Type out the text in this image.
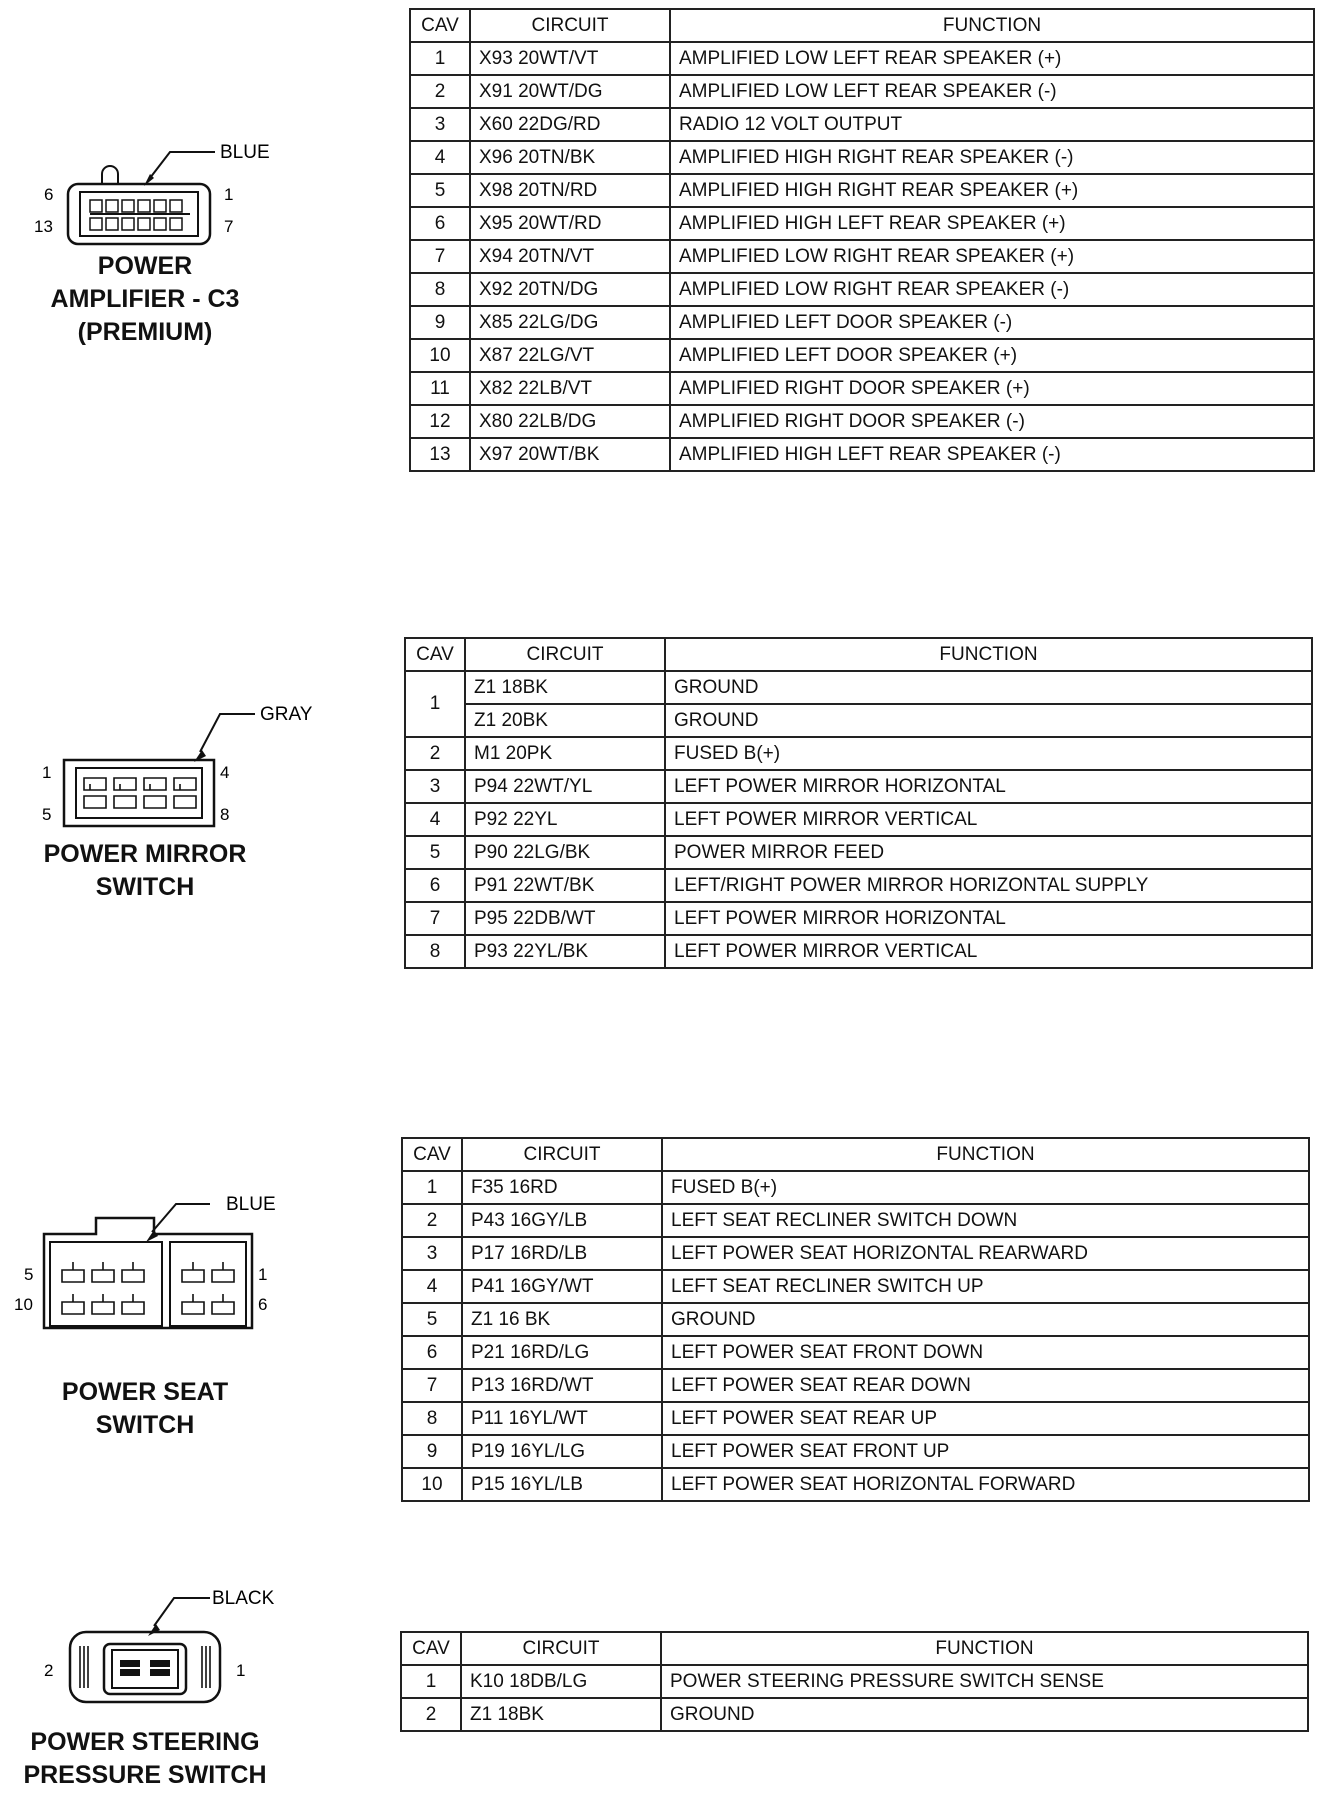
BLUE
6
13
1
7
POWER
AMPLIFIER - C3
(PREMIUM)
CAV	CIRCUIT	FUNCTION
1	X93 20WT/VT	AMPLIFIED LOW LEFT REAR SPEAKER (+)
2	X91 20WT/DG	AMPLIFIED LOW LEFT REAR SPEAKER (-)
3	X60 22DG/RD	RADIO 12 VOLT OUTPUT
4	X96 20TN/BK	AMPLIFIED HIGH RIGHT REAR SPEAKER (-)
5	X98 20TN/RD	AMPLIFIED HIGH RIGHT REAR SPEAKER (+)
6	X95 20WT/RD	AMPLIFIED HIGH LEFT REAR SPEAKER (+)
7	X94 20TN/VT	AMPLIFIED LOW RIGHT REAR SPEAKER (+)
8	X92 20TN/DG	AMPLIFIED LOW RIGHT REAR SPEAKER (-)
9	X85 22LG/DG	AMPLIFIED LEFT DOOR SPEAKER (-)
10	X87 22LG/VT	AMPLIFIED LEFT DOOR SPEAKER (+)
11	X82 22LB/VT	AMPLIFIED RIGHT DOOR SPEAKER (+)
12	X80 22LB/DG	AMPLIFIED RIGHT DOOR SPEAKER (-)
13	X97 20WT/BK	AMPLIFIED HIGH LEFT REAR SPEAKER (-)
GRAY
1
5
4
8
POWER MIRROR
SWITCH
CAV	CIRCUIT	FUNCTION
1	Z1 18BK	GROUND
	Z1 20BK	GROUND
2	M1 20PK	FUSED B(+)
3	P94 22WT/YL	LEFT POWER MIRROR HORIZONTAL
4	P92 22YL	LEFT POWER MIRROR VERTICAL
5	P90 22LG/BK	POWER MIRROR FEED
6	P91 22WT/BK	LEFT/RIGHT POWER MIRROR HORIZONTAL SUPPLY
7	P95 22DB/WT	LEFT POWER MIRROR HORIZONTAL
8	P93 22YL/BK	LEFT POWER MIRROR VERTICAL
BLUE
5
10
1
6
POWER SEAT
SWITCH
CAV	CIRCUIT	FUNCTION
1	F35 16RD	FUSED B(+)
2	P43 16GY/LB	LEFT SEAT RECLINER SWITCH DOWN
3	P17 16RD/LB	LEFT POWER SEAT HORIZONTAL REARWARD
4	P41 16GY/WT	LEFT SEAT RECLINER SWITCH UP
5	Z1 16 BK	GROUND
6	P21 16RD/LG	LEFT POWER SEAT FRONT DOWN
7	P13 16RD/WT	LEFT POWER SEAT REAR DOWN
8	P11 16YL/WT	LEFT POWER SEAT REAR UP
9	P19 16YL/LG	LEFT POWER SEAT FRONT UP
10	P15 16YL/LB	LEFT POWER SEAT HORIZONTAL FORWARD
BLACK
2	1
POWER STEERING
PRESSURE SWITCH
CAV	CIRCUIT	FUNCTION
1	K10 18DB/LG	POWER STEERING PRESSURE SWITCH SENSE
2	Z1 18BK	GROUND
